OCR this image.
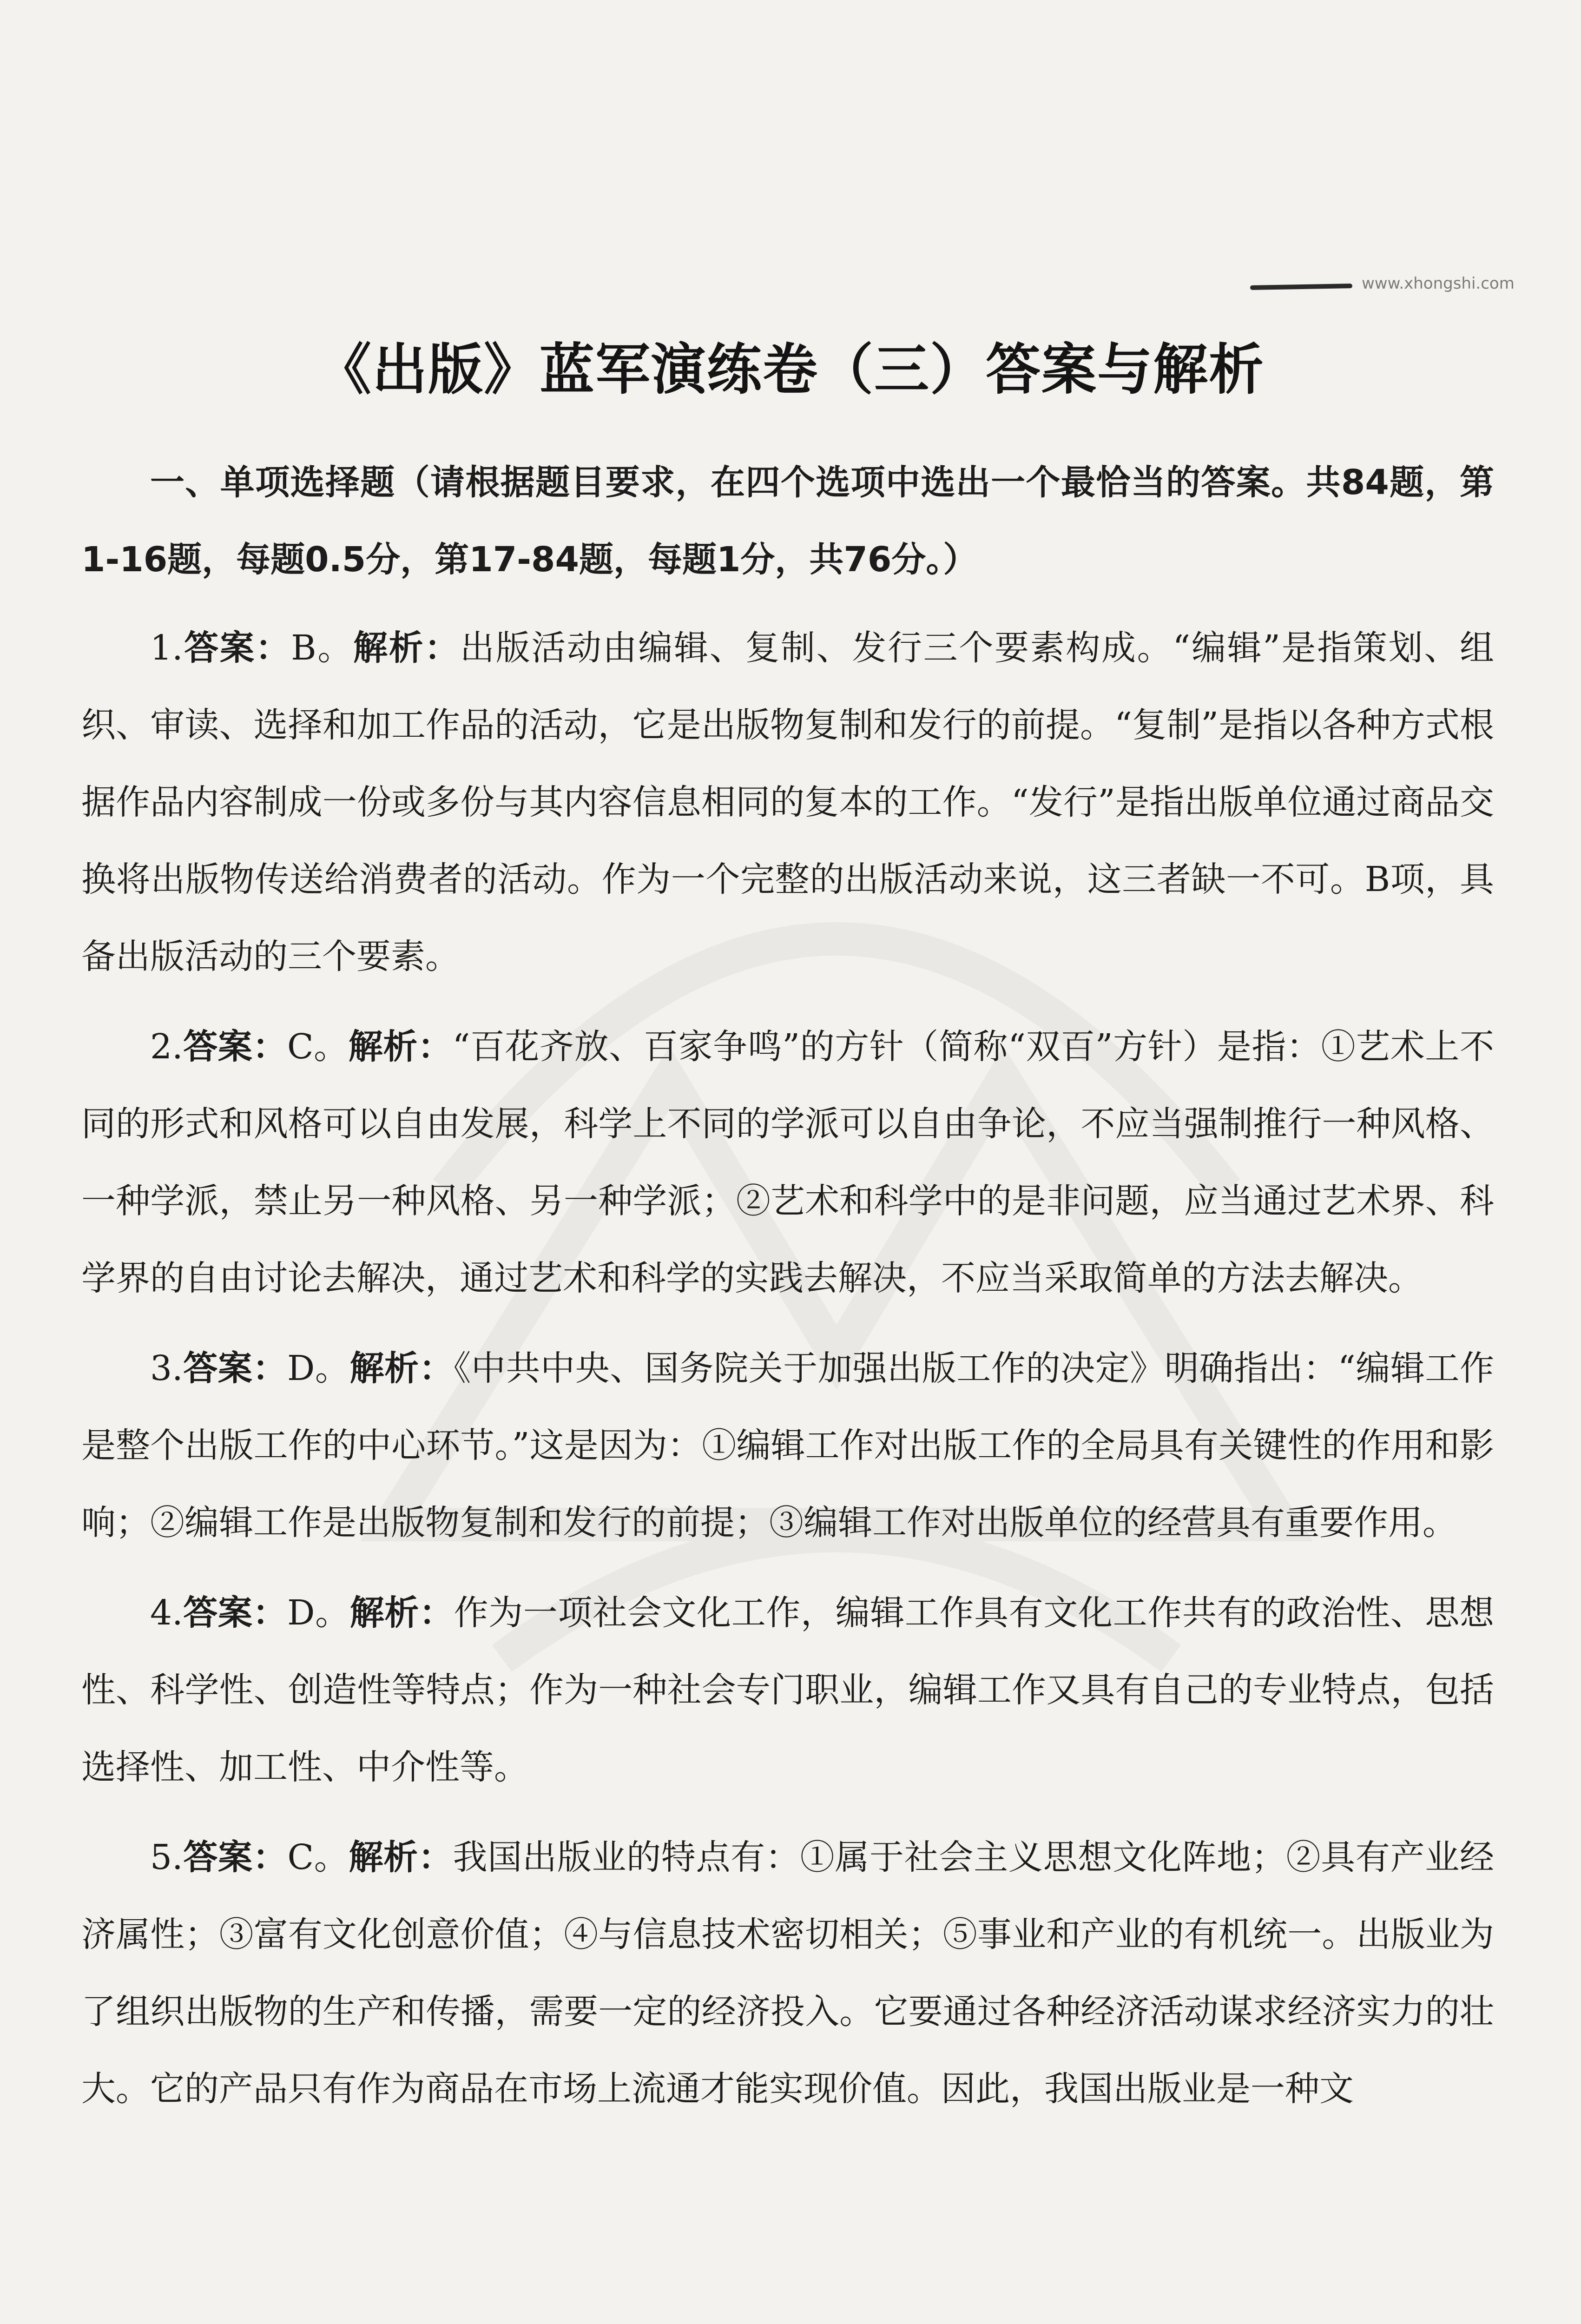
www.xhongshi.com
《出版》蓝军演练卷（三）答案与解析

一、单项选择题（请根据题目要求，在四个选项中选出一个最恰当的答案。共84题，第1-16题，每题0.5分，第17-84题，每题1分，共76分。）

1.答案：B。解析：出版活动由编辑、复制、发行三个要素构成。“编辑”是指策划、组织、审读、选择和加工作品的活动，它是出版物复制和发行的前提。“复制”是指以各种方式根据作品内容制成一份或多份与其内容信息相同的复本的工作。“发行”是指出版单位通过商品交换将出版物传送给消费者的活动。作为一个完整的出版活动来说，这三者缺一不可。B项，具备出版活动的三个要素。

2.答案：C。解析：“百花齐放、百家争鸣”的方针（简称“双百”方针）是指：①艺术上不同的形式和风格可以自由发展，科学上不同的学派可以自由争论，不应当强制推行一种风格、一种学派，禁止另一种风格、另一种学派；②艺术和科学中的是非问题，应当通过艺术界、科学界的自由讨论去解决，通过艺术和科学的实践去解决，不应当采取简单的方法去解决。

3.答案：D。解析：《中共中央、国务院关于加强出版工作的决定》明确指出：“编辑工作是整个出版工作的中心环节。”这是因为：①编辑工作对出版工作的全局具有关键性的作用和影响；②编辑工作是出版物复制和发行的前提；③编辑工作对出版单位的经营具有重要作用。

4.答案：D。解析：作为一项社会文化工作，编辑工作具有文化工作共有的政治性、思想性、科学性、创造性等特点；作为一种社会专门职业，编辑工作又具有自己的专业特点，包括选择性、加工性、中介性等。

5.答案：C。解析：我国出版业的特点有：①属于社会主义思想文化阵地；②具有产业经济属性；③富有文化创意价值；④与信息技术密切相关；⑤事业和产业的有机统一。出版业为了组织出版物的生产和传播，需要一定的经济投入。它要通过各种经济活动谋求经济实力的壮大。它的产品只有作为商品在市场上流通才能实现价值。因此，我国出版业是一种文
